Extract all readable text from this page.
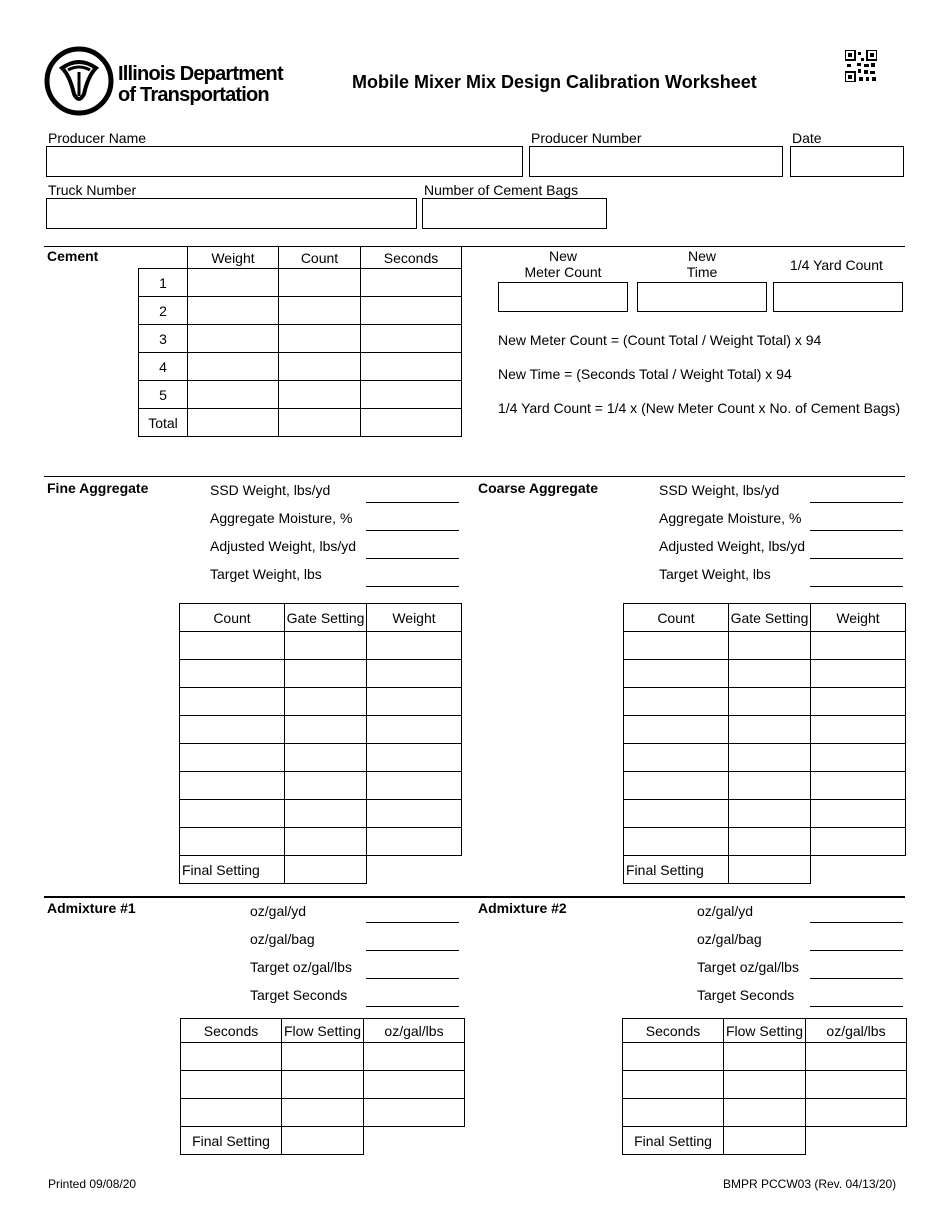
Illinois Department
of Transportation
Mobile Mixer Mix Design Calibration Worksheet
Producer Name	Producer Number	Date
Truck Number	Number of Cement Bags
Cement
		Weight	Count	Seconds
1			
2			
3			
4			
5			
Total			
New
Meter Count
New
Time	1/4 Yard Count
New Meter Count = (Count Total / Weight Total) x 94
New Time = (Seconds Total / Weight Total) x 94
1/4 Yard Count = 1/4 x (New Meter Count x No. of Cement Bags)
Fine Aggregate	SSD Weight, lbs/yd
Aggregate Moisture, %
Adjusted Weight, lbs/yd
Target Weight, lbs
Count	Gate Setting	Weight

Final Setting		
Coarse Aggregate	SSD Weight, lbs/yd
Aggregate Moisture, %
Adjusted Weight, lbs/yd
Target Weight, lbs
Count	Gate Setting	Weight

Final Setting		
Admixture #1	oz/gal/yd
oz/gal/bag
Target oz/gal/lbs
Target Seconds
Seconds	Flow Setting	oz/gal/lbs

Final Setting		
Admixture #2	oz/gal/yd
oz/gal/bag
Target oz/gal/lbs
Target Seconds
Seconds	Flow Setting	oz/gal/lbs

Final Setting		
Printed 09/08/20	BMPR PCCW03 (Rev. 04/13/20)
